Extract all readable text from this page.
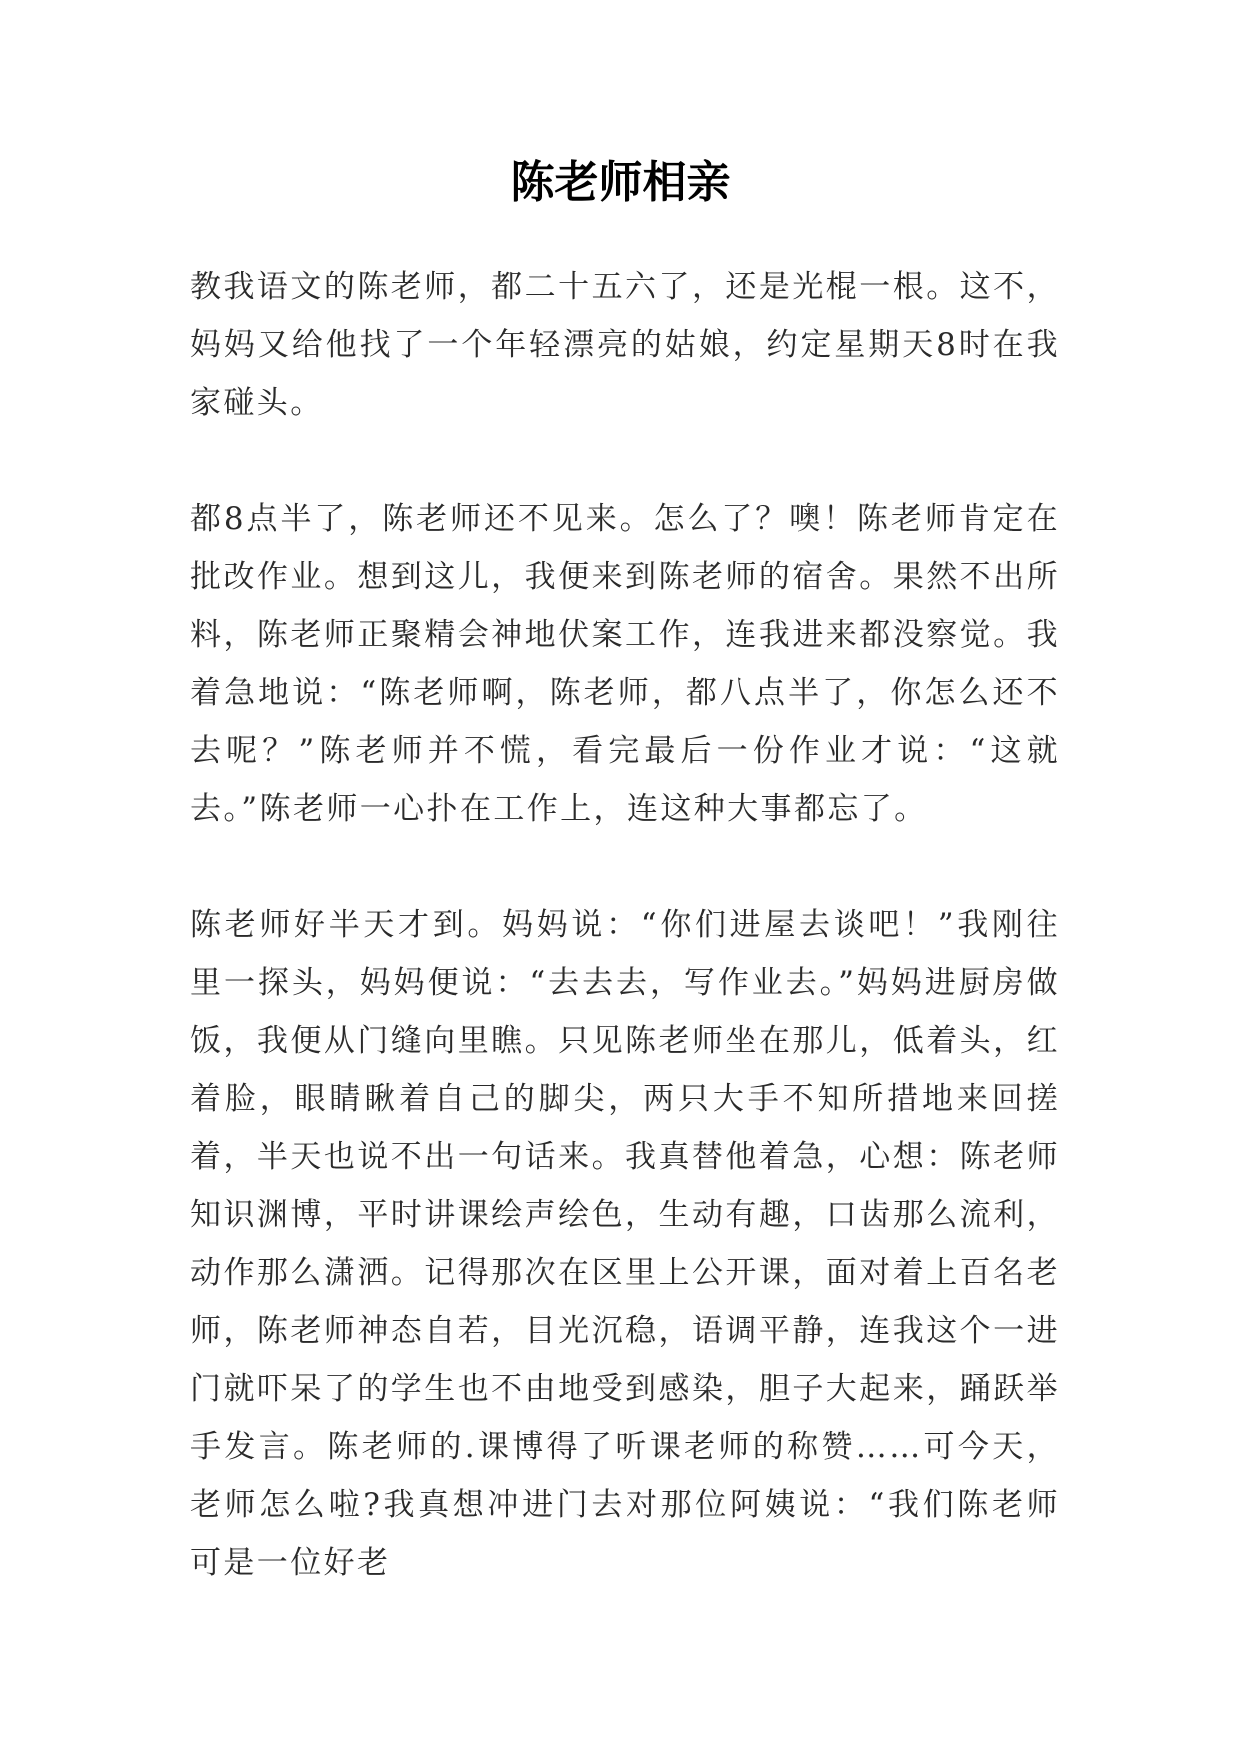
陈老师相亲

教我语文的陈老师，都二十五六了，还是光棍一根。这不，妈妈又给他找了一个年轻漂亮的姑娘，约定星期天8时在我家碰头。

都8点半了，陈老师还不见来。怎么了？噢！陈老师肯定在批改作业。想到这儿，我便来到陈老师的宿舍。果然不出所料，陈老师正聚精会神地伏案工作，连我进来都没察觉。我着急地说：“陈老师啊，陈老师，都八点半了，你怎么还不去呢？”陈老师并不慌，看完最后一份作业才说：“这就去。”陈老师一心扑在工作上，连这种大事都忘了。

陈老师好半天才到。妈妈说：“你们进屋去谈吧！”我刚往里一探头，妈妈便说：“去去去，写作业去。”妈妈进厨房做饭，我便从门缝向里瞧。只见陈老师坐在那儿，低着头，红着脸，眼睛瞅着自己的脚尖，两只大手不知所措地来回搓着，半天也说不出一句话来。我真替他着急，心想：陈老师知识渊博，平时讲课绘声绘色，生动有趣，口齿那么流利，动作那么潇洒。记得那次在区里上公开课，面对着上百名老师，陈老师神态自若，目光沉稳，语调平静，连我这个一进门就吓呆了的学生也不由地受到感染，胆子大起来，踊跃举手发言。陈老师的.课博得了听课老师的称赞……可今天，老师怎么啦?我真想冲进门去对那位阿姨说：“我们陈老师可是一位好老
